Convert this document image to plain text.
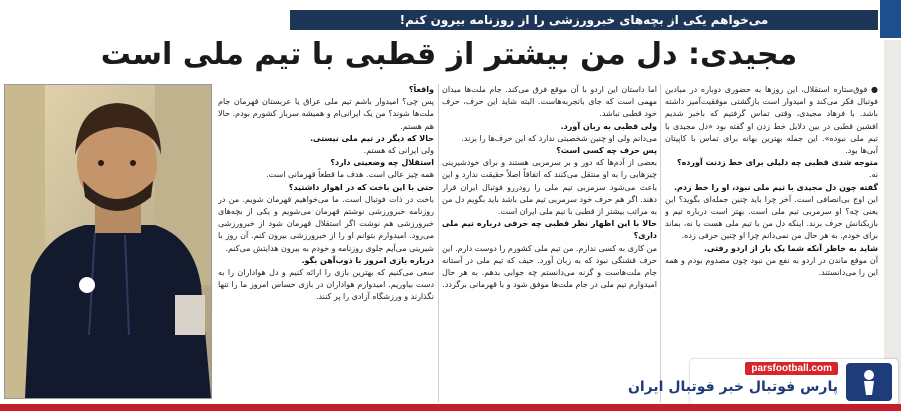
می‌خواهم یکی از بچه‌های خبرورزشی را از روزنامه بیرون کنم!
مجیدی: دل من بیشتر از قطبی با تیم ملی است

● فوق‌ستاره استقلال، این روزها به حضوری دوباره در میادین فوتبال فکر می‌کند و امیدوار است بازگشتی موفقیت‌آمیز داشته باشد. با فرهاد مجیدی، وقتی تماس گرفتیم که باخبر شدیم افشین قطبی در بین دلایل خط زدن او گفته بود «دل مجیدی با تیم ملی نبوده». این جمله بهترین بهانه برای تماس با کاپیتان آبی‌ها بود.

متوجه شدی قطبی چه دلیلی برای خط زدنت آورده؟

نه.

گفته چون دل مجیدی با تیم ملی نبود، او را خط زدم.

این اوج بی‌انصافی است. آخر چرا باید چنین جمله‌ای بگوید؟ این یعنی چه؟ او سرمربی تیم ملی است. بهتر است درباره تیم و بازیکنانش حرف بزند. اینکه دل من با تیم ملی هست یا نه، بماند برای خودم. به هر حال من نمی‌دانم چرا او چنین حرفی زده.

شاید به خاطر آنکه شما یک بار از اردو رفتی.

آن موقع ماندن در اردو به نفع من نبود چون مصدوم بودم و همه این را می‌دانستند.

اما داستان این اردو با آن موقع فرق می‌کند. جام ملت‌ها میدان مهمی است که جای باتجربه‌هاست. البته شاید این حرف، حرف خود قطبی نباشد.

ولی قطبی به زبان آورد.

می‌دانم ولی او چنین شخصیتی ندارد که این حرف‌ها را بزند.

پس حرف چه کسی است؟

بعضی از آدم‌ها که دور و بر سرمربی هستند و برای خودشیرینی چیزهایی را به او منتقل می‌کنند که اتفاقاً اصلاً حقیقت ندارد و این باعث می‌شود سرمربی تیم ملی را رودررو فوتبال ایران قرار دهند. اگر هم حرف خود سرمربی تیم ملی باشد باید بگویم دل من به مراتب بیشتر از قطبی با تیم ملی ایران است.

حالا با این اظهار نظر قطبی چه حرفی درباره تیم ملی داری؟

من کاری به کسی ندارم. من تیم ملی کشورم را دوست دارم. این حرف قشنگی نبود که به زبان آورد. حیف که تیم ملی در آستانه جام ملت‌هاست و گرنه می‌دانستم چه جوابی بدهم. به هر حال امیدوارم تیم ملی در جام ملت‌ها موفق شود و با قهرمانی برگردد.

واقعاً؟

پس چی؟ امیدوار باشم تیم ملی عراق یا عربستان قهرمان جام ملت‌ها شوند؟ من یک ایرانی‌ام و همیشه سرباز کشورم بودم. حالا هم هستم.

حالا که دیگر در تیم ملی نیستی.

ولی ایرانی که هستم.

استقلال چه وضعیتی دارد؟

همه چیز عالی است. هدف ما قطعاً قهرمانی است.

حتی با این باخت که در اهواز داشتید؟

باخت در ذات فوتبال است. ما می‌خواهیم قهرمان شویم. من در روزنامه خبرورزشی نوشتم قهرمان می‌شویم و یکی از بچه‌های خبرورزشی هم نوشت اگر استقلال قهرمان شود از خبرورزشی می‌رود. امیدوارم بتوانم او را از خبرورزشی بیرون کنم. آن روز با شیرینی می‌آیم جلوی روزنامه و خودم به بیرون هدایتش می‌کنم.

درباره بازی امروز با ذوب‌آهن بگو.

سعی می‌کنیم که بهترین بازی را ارائه کنیم و دل هواداران را به دست بیاوریم. امیدوارم هواداران در بازی حساس امروز ما را تنها نگذارند و ورزشگاه آزادی را پر کنند.

parsfootball.com
پارس فوتبال خبر فوتبال ایران
